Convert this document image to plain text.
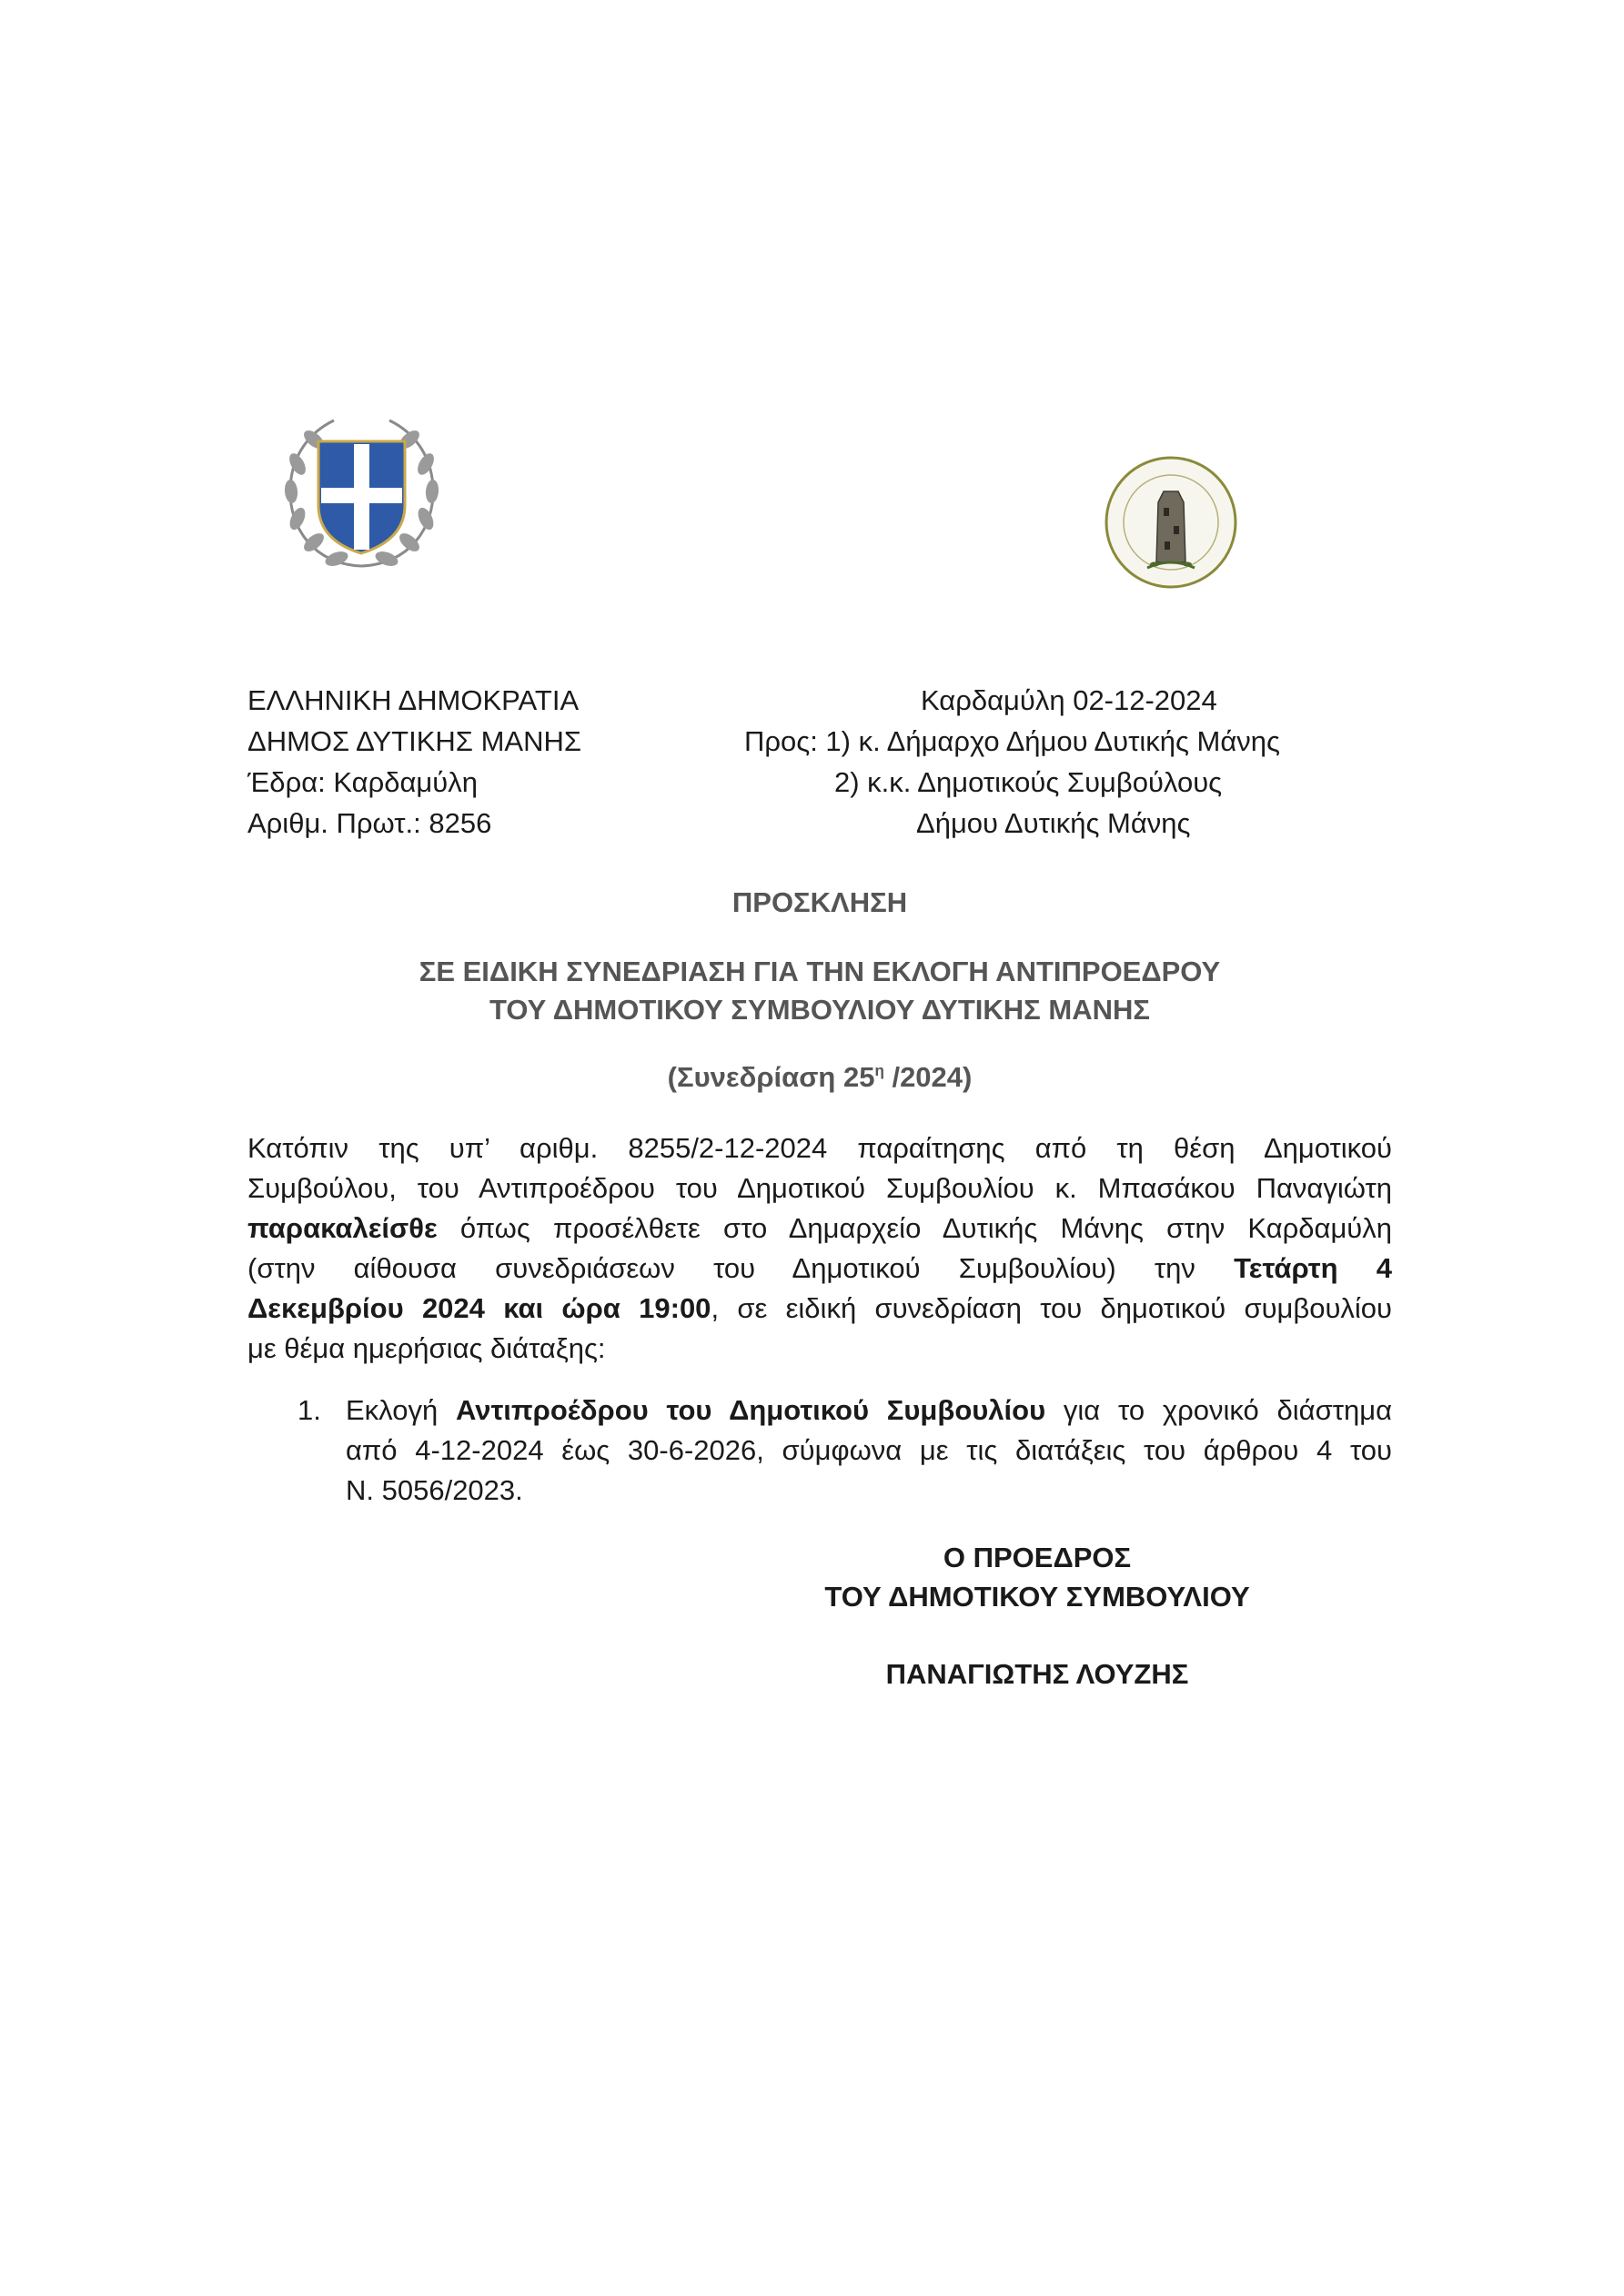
ΕΛΛΗΝΙΚΗ ΔΗΜΟΚΡΑΤΙΑ
ΔΗΜΟΣ ΔΥΤΙΚΗΣ ΜΑΝΗΣ
Έδρα: Καρδαμύλη
Αριθμ. Πρωτ.: 8256
Καρδαμύλη 02-12-2024
Προς: 1) κ. Δήμαρχο Δήμου Δυτικής Μάνης
2) κ.κ. Δημοτικούς Συμβούλους
Δήμου Δυτικής Μάνης
ΠΡΟΣΚΛΗΣΗ
ΣΕ ΕΙΔΙΚΗ ΣΥΝΕΔΡΙΑΣΗ ΓΙΑ ΤΗΝ ΕΚΛΟΓΗ ΑΝΤΙΠΡΟΕΔΡΟΥ
ΤΟΥ ΔΗΜΟΤΙΚΟΥ ΣΥΜΒΟΥΛΙΟΥ ΔΥΤΙΚΗΣ ΜΑΝΗΣ
(Συνεδρίαση $25^\eta$ /2024)
Κατόπιν της υπ’ αριθμ. 8255/2-12-2024 παραίτησης από τη θέση Δημοτικού
Συμβούλου, του Αντιπροέδρου του Δημοτικού Συμβουλίου κ. Μπασάκου Παναγιώτη
παρακαλείσθε όπως προσέλθετε στο Δημαρχείο Δυτικής Μάνης στην Καρδαμύλη
(στην αίθουσα συνεδριάσεων του Δημοτικού Συμβουλίου) την Τετάρτη 4
Δεκεμβρίου 2024 και ώρα 19:00, σε ειδική συνεδρίαση του δημοτικού συμβουλίου
με θέμα ημερήσιας διάταξης:
1. Εκλογή Αντιπροέδρου του Δημοτικού Συμβουλίου για το χρονικό διάστημα
από 4-12-2024 έως 30-6-2026, σύμφωνα με τις διατάξεις του άρθρου 4 του
Ν. 5056/2023.
Ο ΠΡΟΕΔΡΟΣ
ΤΟΥ ΔΗΜΟΤΙΚΟΥ ΣΥΜΒΟΥΛΙΟΥ
ΠΑΝΑΓΙΩΤΗΣ ΛΟΥΖΗΣ
